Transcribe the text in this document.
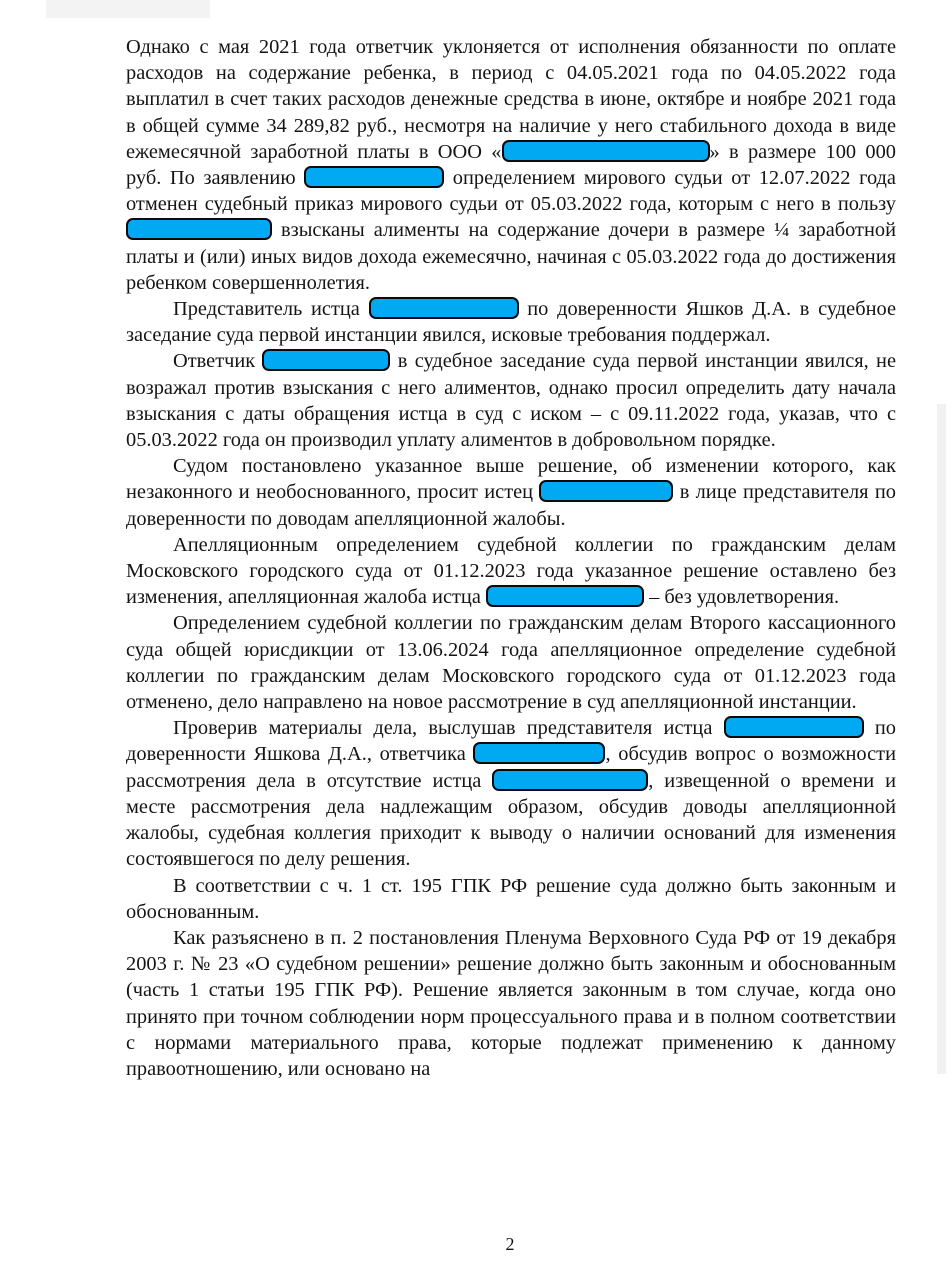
Однако с мая 2021 года ответчик уклоняется от исполнения обязанности по оплате расходов на содержание ребенка, в период с 04.05.2021 года по 04.05.2022 года выплатил в счет таких расходов денежные средства в июне, октябре и ноябре 2021 года в общей сумме 34 289,82 руб., несмотря на наличие у него стабильного дохода в виде ежемесячной заработной платы в ООО «	» в размере 100 000 руб. По заявлению	определением мирового судьи от 12.07.2022 года отменен судебный приказ мирового судьи от 05.03.2022 года, которым с него в пользу  взысканы алименты на содержание дочери в размере ¼ заработной платы и (или) иных видов дохода ежемесячно, начиная с 05.03.2022 года до достижения ребенком совершеннолетия.

Представитель истца	по доверенности Яшков Д.А. в судебное заседание суда первой инстанции явился, исковые требования поддержал.

Ответчик	в судебное заседание суда первой инстанции явился, не возражал против взыскания с него алиментов, однако просил определить дату начала взыскания с даты обращения истца в суд с иском – с 09.11.2022 года, указав, что с 05.03.2022 года он производил уплату алиментов в добровольном порядке.

Судом постановлено указанное выше решение, об изменении которого, как незаконного и необоснованного, просит истец	в лице представителя по доверенности по доводам апелляционной жалобы.

Апелляционным определением судебной коллегии по гражданским делам Московского городского суда от 01.12.2023 года указанное решение оставлено без изменения, апелляционная жалоба истца	– без удовлетворения.

Определением судебной коллегии по гражданским делам Второго кассационного суда общей юрисдикции от 13.06.2024 года апелляционное определение судебной коллегии по гражданским делам Московского городского суда от 01.12.2023 года отменено, дело направлено на новое рассмотрение в суд апелляционной инстанции.

Проверив материалы дела, выслушав представителя истца	по доверенности Яшкова Д.А., ответчика	, обсудив вопрос о возможности рассмотрения дела в отсутствие истца	, извещенной о времени и месте рассмотрения дела надлежащим образом, обсудив доводы апелляционной жалобы, судебная коллегия приходит к выводу о наличии оснований для изменения состоявшегося по делу решения.

В соответствии с ч. 1 ст. 195 ГПК РФ решение суда должно быть законным и обоснованным.

Как разъяснено в п. 2 постановления Пленума Верховного Суда РФ от 19 декабря 2003 г. № 23 «О судебном решении» решение должно быть законным и обоснованным (часть 1 статьи 195 ГПК РФ). Решение является законным в том случае, когда оно принято при точном соблюдении норм процессуального права и в полном соответствии с нормами материального права, которые подлежат применению к данному правоотношению, или основано на

2
